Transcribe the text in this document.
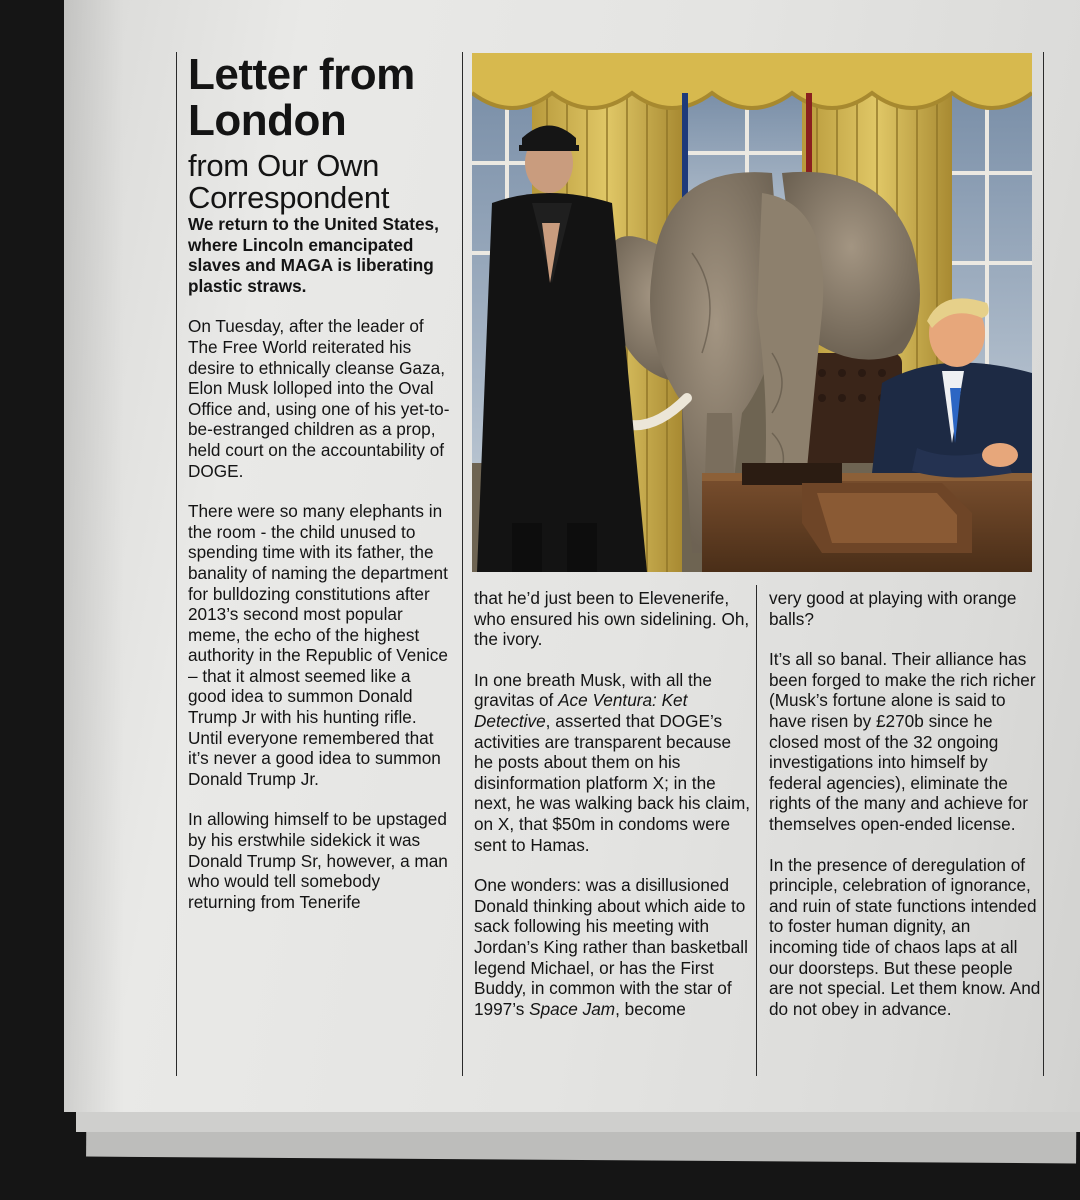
Letter from London
from Our Own Correspondent

We return to the United States, where Lincoln emancipated slaves and MAGA is liberating plastic straws.

On Tuesday, after the leader of The Free World reiterated his desire to ethnically cleanse Gaza, Elon Musk lolloped into the Oval Office and, using one of his yet-to-be-estranged children as a prop, held court on the accountability of DOGE.

There were so many elephants in the room - the child unused to spending time with its father, the banality of naming the department for bulldozing constitutions after 2013’s second most popular meme, the echo of the highest authority in the Republic of Venice – that it almost seemed like a good idea to summon Donald Trump Jr with his hunting rifle. Until everyone remembered that it’s never a good idea to summon Donald Trump Jr.

In allowing himself to be upstaged by his erstwhile sidekick it was Donald Trump Sr, however, a man who would tell somebody returning from Tenerife

that he’d just been to Elevenerife, who ensured his own sidelining. Oh, the ivory.

In one breath Musk, with all the gravitas of Ace Ventura: Ket Detective, asserted that DOGE’s activities are transparent because he posts about them on his disinformation platform X; in the next, he was walking back his claim, on X, that $50m in condoms were sent to Hamas.

One wonders: was a disillusioned Donald thinking about which aide to sack following his meeting with Jordan’s King rather than basketball legend Michael, or has the First Buddy, in common with the star of 1997’s Space Jam, become

very good at playing with orange balls?

It’s all so banal. Their alliance has been forged to make the rich richer (Musk’s fortune alone is said to have risen by £270b since he closed most of the 32 ongoing investigations into himself by federal agencies), eliminate the rights of the many and achieve for themselves open-ended license.

In the presence of deregulation of principle, celebration of ignorance, and ruin of state functions intended to foster human dignity, an incoming tide of chaos laps at all our doorsteps. But these people are not special. Let them know. And do not obey in advance.
